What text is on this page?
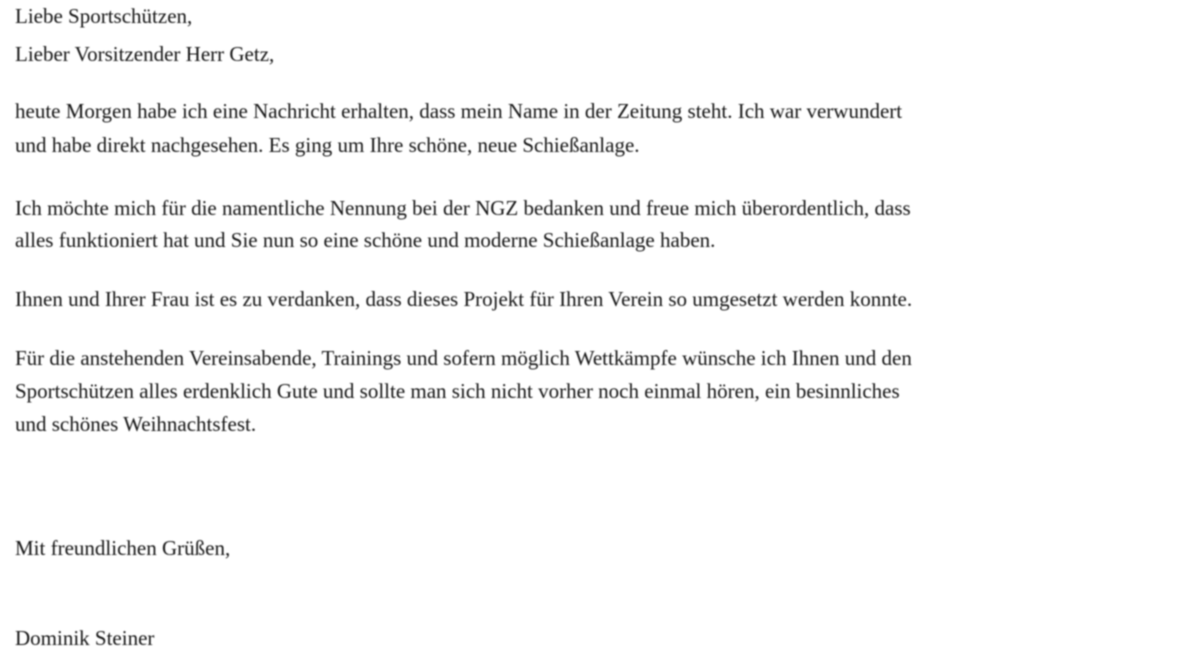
Liebe Sportschützen,
Lieber Vorsitzender Herr Getz,
heute Morgen habe ich eine Nachricht erhalten, dass mein Name in der Zeitung steht. Ich war verwundert
und habe direkt nachgesehen. Es ging um Ihre schöne, neue Schießanlage.
Ich möchte mich für die namentliche Nennung bei der NGZ bedanken und freue mich überordentlich, dass
alles funktioniert hat und Sie nun so eine schöne und moderne Schießanlage haben.
Ihnen und Ihrer Frau ist es zu verdanken, dass dieses Projekt für Ihren Verein so umgesetzt werden konnte.
Für die anstehenden Vereinsabende, Trainings und sofern möglich Wettkämpfe wünsche ich Ihnen und den
Sportschützen alles erdenklich Gute und sollte man sich nicht vorher noch einmal hören, ein besinnliches
und schönes Weihnachtsfest.
Mit freundlichen Grüßen,
Dominik Steiner
